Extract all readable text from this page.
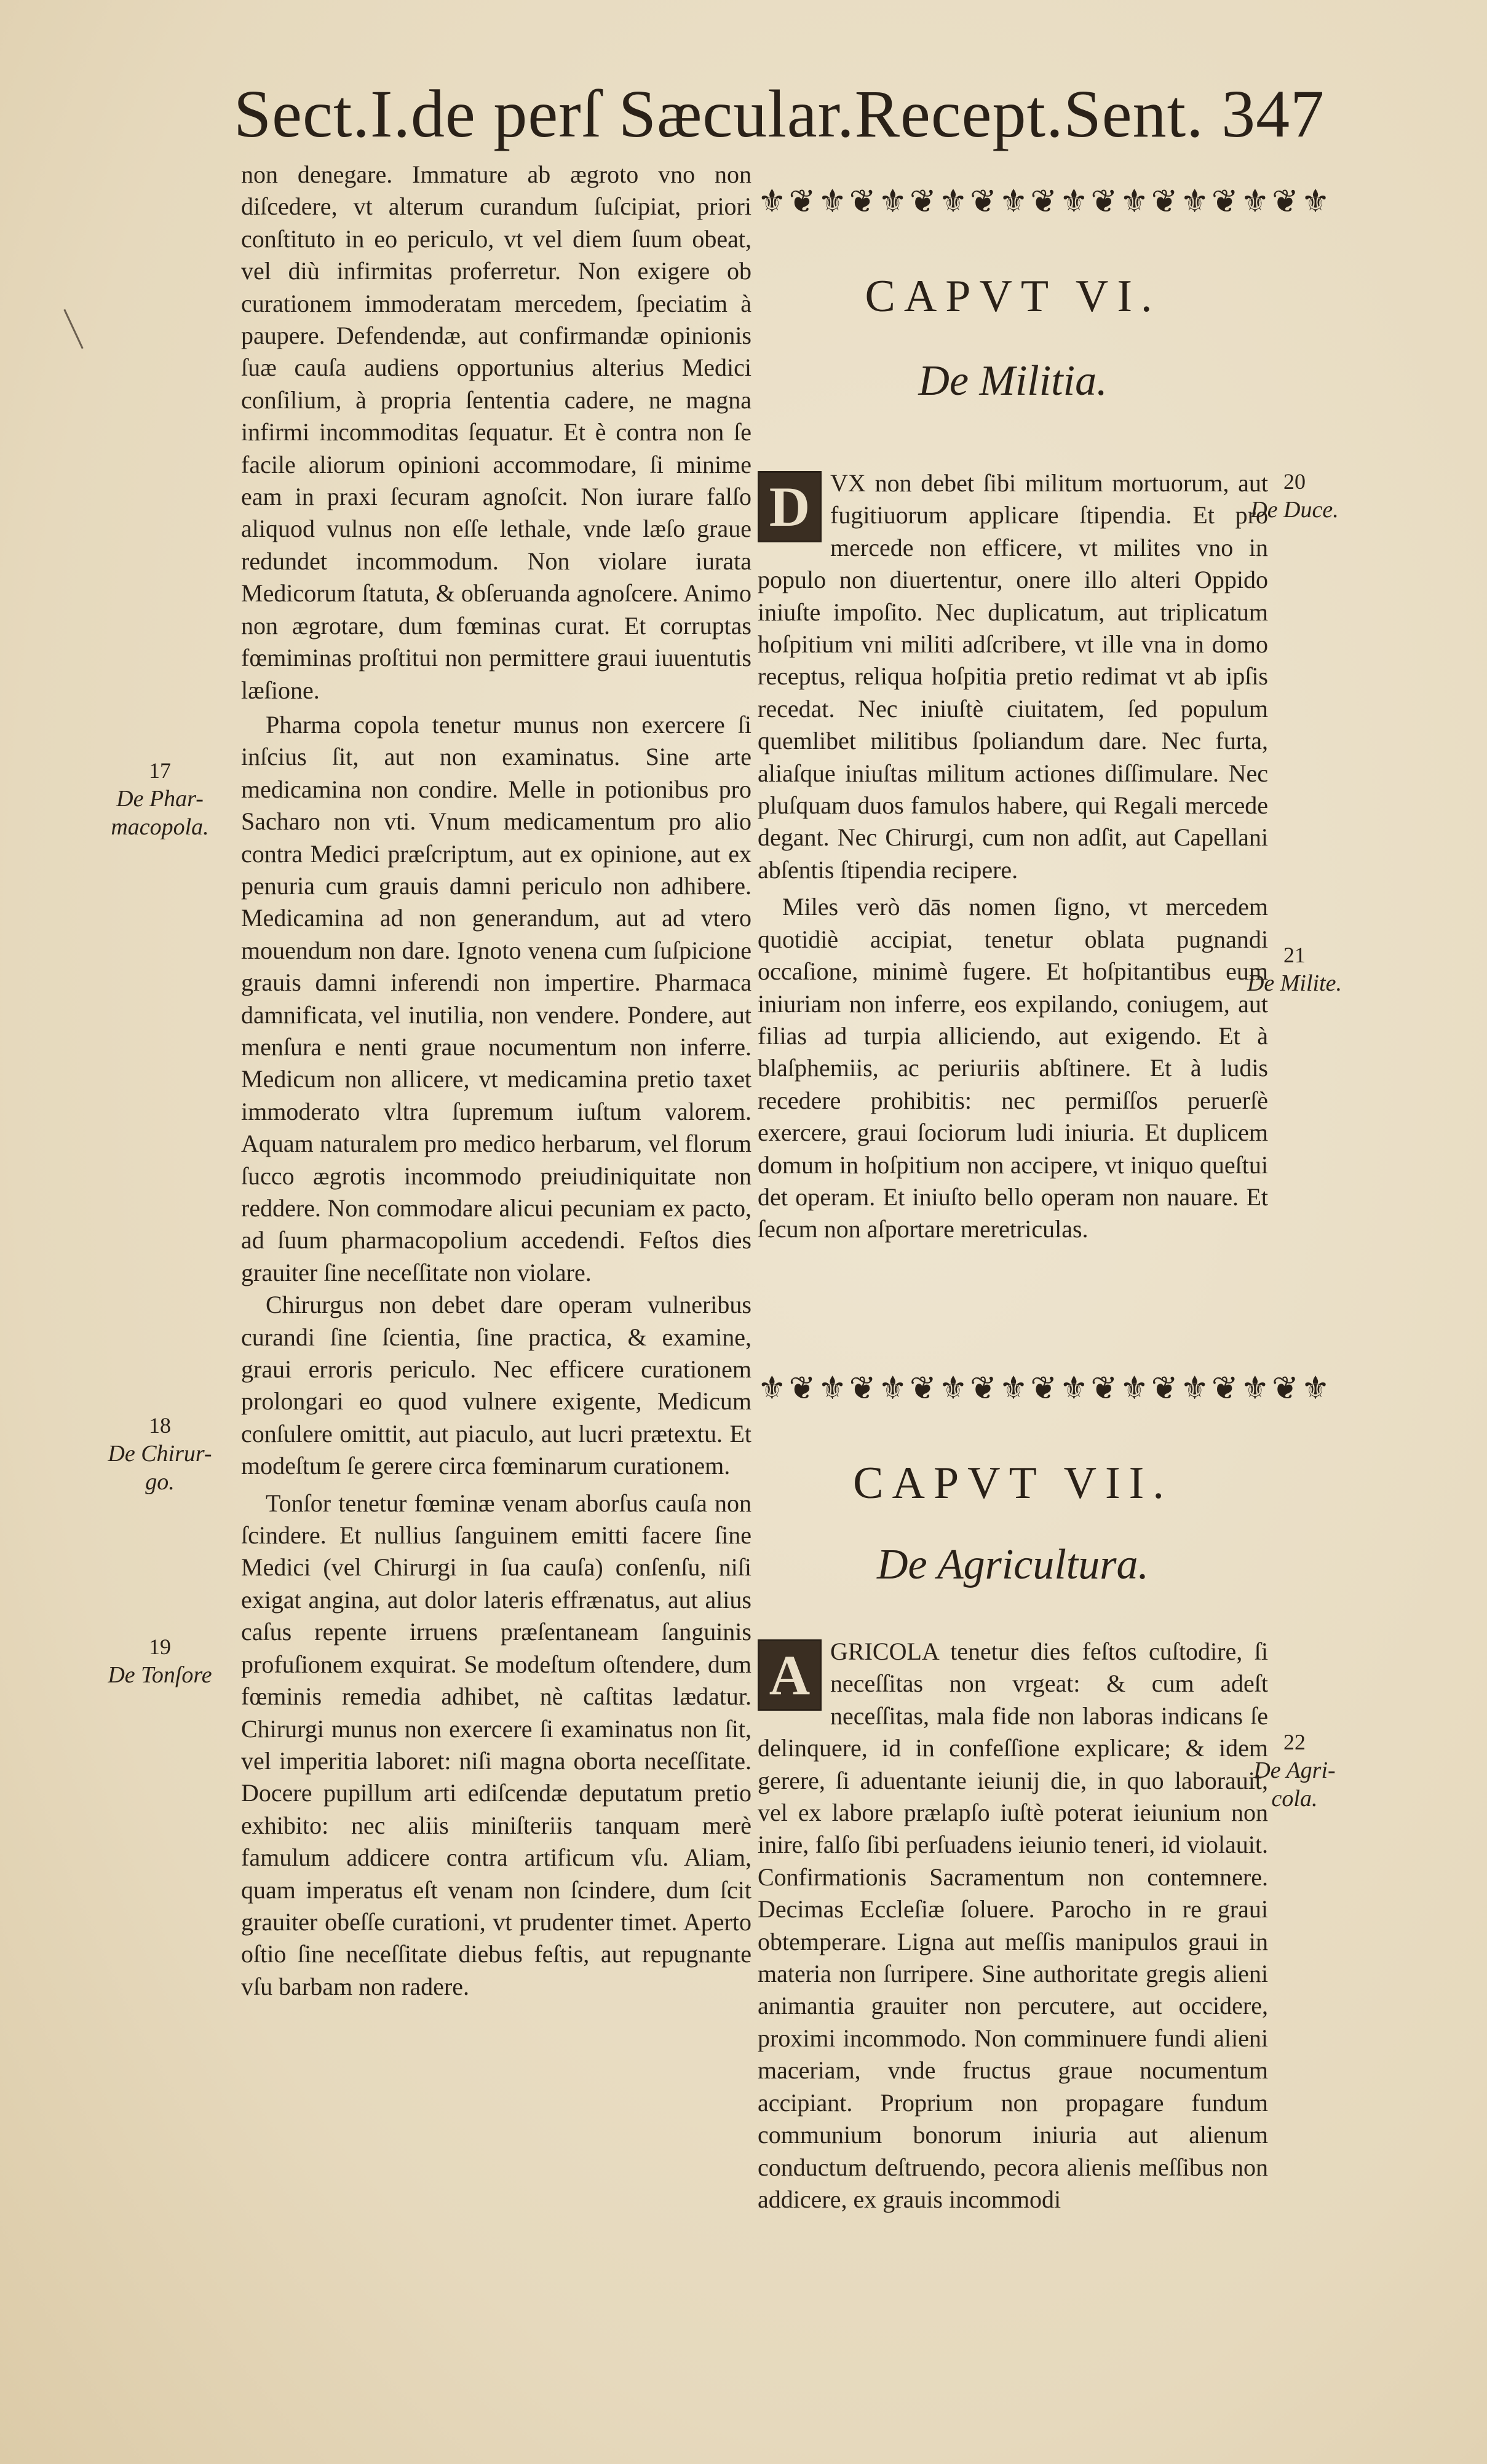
Sect.I.de perſ Sæcular.Recept.Sent. 347

non denegare. Immature ab ægroto vno non diſcedere, vt alterum curandum ſuſcipiat, priori conſtituto in eo periculo, vt vel diem ſuum obeat, vel diù infirmitas proferretur. Non exigere ob curationem immoderatam mercedem, ſpeciatim à paupere. Defendendæ, aut confirmandæ opinionis ſuæ cauſa audiens opportunius alterius Medici conſilium, à propria ſententia cadere, ne magna infirmi incommoditas ſequatur. Et è contra non ſe facile aliorum opinioni accommodare, ſi minime eam in praxi ſecuram agnoſcit. Non iurare falſo aliquod vulnus non eſſe lethale, vnde læſo graue redundet incommodum. Non violare iurata Medicorum ſtatuta, & obſeruanda agnoſcere. Animo non ægrotare, dum fœminas curat. Et corruptas fœmiminas proſtitui non permittere graui iuuentutis læſione.

Pharma copola tenetur munus non exercere ſi inſcius ſit, aut non examinatus. Sine arte medicamina non condire. Melle in potionibus pro Sacharo non vti. Vnum medicamentum pro alio contra Medici præſcriptum, aut ex opinione, aut ex penuria cum grauis damni periculo non adhibere. Medicamina ad non generandum, aut ad vtero mouendum non dare. Ignoto venena cum ſuſpicione grauis damni inferendi non impertire. Pharmaca damnificata, vel inutilia, non vendere. Pondere, aut menſura e nenti graue nocumentum non inferre. Medicum non allicere, vt medicamina pretio taxet immoderato vltra ſupremum iuſtum valorem. Aquam naturalem pro medico herbarum, vel florum ſucco ægrotis incommodo preiudiniquitate non reddere. Non commodare alicui pecuniam ex pacto, ad ſuum pharmacopolium accedendi. Feſtos dies grauiter ſine neceſſitate non violare.

Chirurgus non debet dare operam vulneribus curandi ſine ſcientia, ſine practica, & examine, graui erroris periculo. Nec efficere curationem prolongari eo quod vulnere exigente, Medicum conſulere omittit, aut piaculo, aut lucri prætextu. Et modeſtum ſe gerere circa fœminarum curationem.

Tonſor tenetur fœminæ venam aborſus cauſa non ſcindere. Et nullius ſanguinem emitti facere ſine Medici (vel Chirurgi in ſua cauſa) conſenſu, niſi exigat angina, aut dolor lateris effrænatus, aut alius caſus repente irruens præſentaneam ſanguinis profuſionem exquirat. Se modeſtum oſtendere, dum fœminis remedia adhibet, nè caſtitas lædatur. Chirurgi munus non exercere ſi examinatus non ſit, vel imperitia laboret: niſi magna oborta neceſſitate. Docere pupillum arti ediſcendæ deputatum pretio exhibito: nec aliis miniſteriis tanquam merè famulum addicere contra artificum vſu. Aliam, quam imperatus eſt venam non ſcindere, dum ſcit grauiter obeſſe curationi, vt prudenter timet. Aperto oſtio ſine neceſſitate diebus feſtis, aut repugnante vſu barbam non radere.

⚜❦⚜❦⚜❦⚜❦⚜❦⚜❦⚜❦⚜❦⚜❦⚜
CAPVT VI.
De Militia.

D VX non debet ſibi militum mortuorum, aut fugitiuorum applicare ſtipendia. Et pro mercede non efficere, vt milites vno in populo non diuertentur, onere illo alteri Oppido iniuſte impoſito. Nec duplicatum, aut triplicatum hoſpitium vni militi adſcribere, vt ille vna in domo receptus, reliqua hoſpitia pretio redimat vt ab ipſis recedat. Nec iniuſtè ciuitatem, ſed populum quemlibet militibus ſpoliandum dare. Nec furta, aliaſque iniuſtas militum actiones diſſimulare. Nec pluſquam duos famulos habere, qui Regali mercede degant. Nec Chirurgi, cum non adſit, aut Capellani abſentis ſtipendia recipere.

Miles verò dās nomen ſigno, vt mercedem quotidiè accipiat, tenetur oblata pugnandi occaſione, minimè fugere. Et hoſpitantibus eum iniuriam non inferre, eos expilando, coniugem, aut filias ad turpia alliciendo, aut exigendo. Et à blaſphemiis, ac periuriis abſtinere. Et à ludis recedere prohibitis: nec permiſſos peruerſè exercere, graui ſociorum ludi iniuria. Et duplicem domum in hoſpitium non accipere, vt iniquo queſtui det operam. Et iniuſto bello operam non nauare. Et ſecum non aſportare meretriculas.

⚜❦⚜❦⚜❦⚜❦⚜❦⚜❦⚜❦⚜❦⚜❦⚜
CAPVT VII.
De Agricultura.

A GRICOLA tenetur dies feſtos cuſtodire, ſi neceſſitas non vrgeat: & cum adeſt neceſſitas, mala fide non laboras indicans ſe delinquere, id in confeſſione explicare; & idem gerere, ſi aduentante ieiunij die, in quo laborauit, vel ex labore prælapſo iuſtè poterat ieiunium non inire, falſo ſibi perſuadens ieiunio teneri, id violauit. Confirmationis Sacramentum non contemnere. Decimas Eccleſiæ ſoluere. Parocho in re graui obtemperare. Ligna aut meſſis manipulos graui in materia non ſurripere. Sine authoritate gregis alieni animantia grauiter non percutere, aut occidere, proximi incommodo. Non comminuere fundi alieni maceriam, vnde fructus graue nocumentum accipiant. Proprium non propagare fundum communium bonorum iniuria aut alienum conductum deſtruendo, pecora alienis meſſibus non addicere, ex grauis incommodi

17
De Phar-
macopola.
18
De Chirur-
go.
19
De Tonſore
20
De Duce.
21
De Milite.
22
De Agri-
cola.
